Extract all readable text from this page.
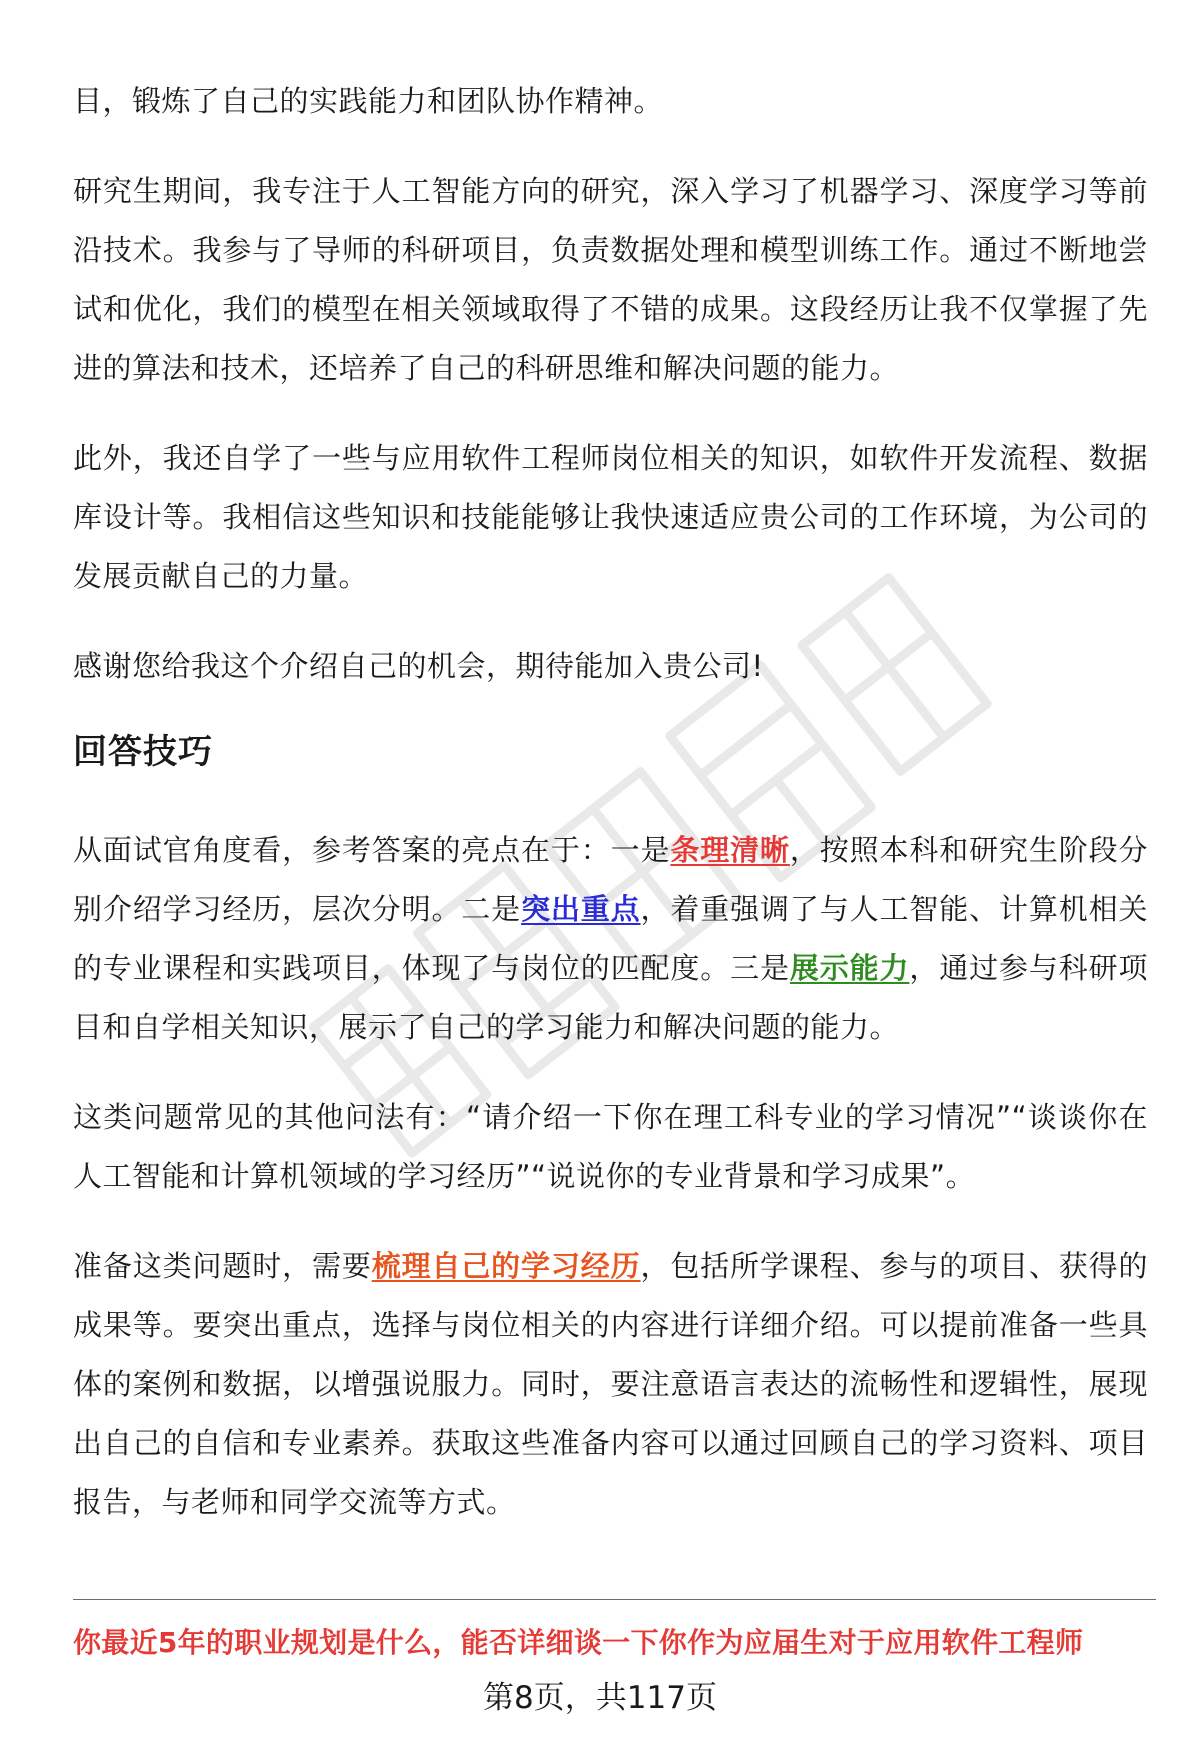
目，锻炼了自己的实践能力和团队协作精神。

研究生期间，我专注于人工智能方向的研究，深入学习了机器学习、深度学习等前沿技术。我参与了导师的科研项目，负责数据处理和模型训练工作。通过不断地尝试和优化，我们的模型在相关领域取得了不错的成果。这段经历让我不仅掌握了先进的算法和技术，还培养了自己的科研思维和解决问题的能力。

此外，我还自学了一些与应用软件工程师岗位相关的知识，如软件开发流程、数据库设计等。我相信这些知识和技能能够让我快速适应贵公司的工作环境，为公司的发展贡献自己的力量。

感谢您给我这个介绍自己的机会，期待能加入贵公司!

回答技巧

从面试官角度看，参考答案的亮点在于：一是条理清晰，按照本科和研究生阶段分别介绍学习经历，层次分明。二是突出重点，着重强调了与人工智能、计算机相关的专业课程和实践项目，体现了与岗位的匹配度。三是展示能力，通过参与科研项目和自学相关知识，展示了自己的学习能力和解决问题的能力。

这类问题常见的其他问法有：“请介绍一下你在理工科专业的学习情况”“谈谈你在人工智能和计算机领域的学习经历”“说说你的专业背景和学习成果”。

准备这类问题时，需要梳理自己的学习经历，包括所学课程、参与的项目、获得的成果等。要突出重点，选择与岗位相关的内容进行详细介绍。可以提前准备一些具体的案例和数据，以增强说服力。同时，要注意语言表达的流畅性和逻辑性，展现出自己的自信和专业素养。获取这些准备内容可以通过回顾自己的学习资料、项目报告，与老师和同学交流等方式。

你最近5年的职业规划是什么，能否详细谈一下你作为应届生对于应用软件工程师
第8页，共117页
